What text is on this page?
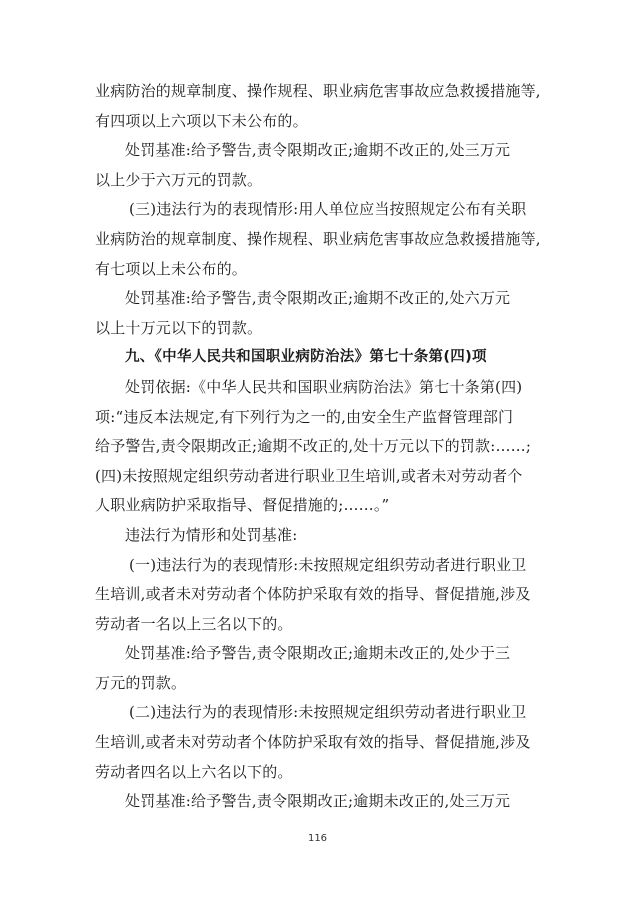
业病防治的规章制度、操作规程、职业病危害事故应急救援措施等,
有四项以上六项以下未公布的。
处罚基准:给予警告,责令限期改正;逾期不改正的,处三万元
以上少于六万元的罚款。
(三)违法行为的表现情形:用人单位应当按照规定公布有关职
业病防治的规章制度、操作规程、职业病危害事故应急救援措施等,
有七项以上未公布的。
处罚基准:给予警告,责令限期改正;逾期不改正的,处六万元
以上十万元以下的罚款。
九、《中华人民共和国职业病防治法》第七十条第(四)项
处罚依据:《中华人民共和国职业病防治法》第七十条第(四)
项:“违反本法规定,有下列行为之一的,由安全生产监督管理部门
给予警告,责令限期改正;逾期不改正的,处十万元以下的罚款:……;
(四)未按照规定组织劳动者进行职业卫生培训,或者未对劳动者个
人职业病防护采取指导、督促措施的;……。”
违法行为情形和处罚基准:
(一)违法行为的表现情形:未按照规定组织劳动者进行职业卫
生培训,或者未对劳动者个体防护采取有效的指导、督促措施,涉及
劳动者一名以上三名以下的。
处罚基准:给予警告,责令限期改正;逾期未改正的,处少于三
万元的罚款。
(二)违法行为的表现情形:未按照规定组织劳动者进行职业卫
生培训,或者未对劳动者个体防护采取有效的指导、督促措施,涉及
劳动者四名以上六名以下的。
处罚基准:给予警告,责令限期改正;逾期未改正的,处三万元
116
